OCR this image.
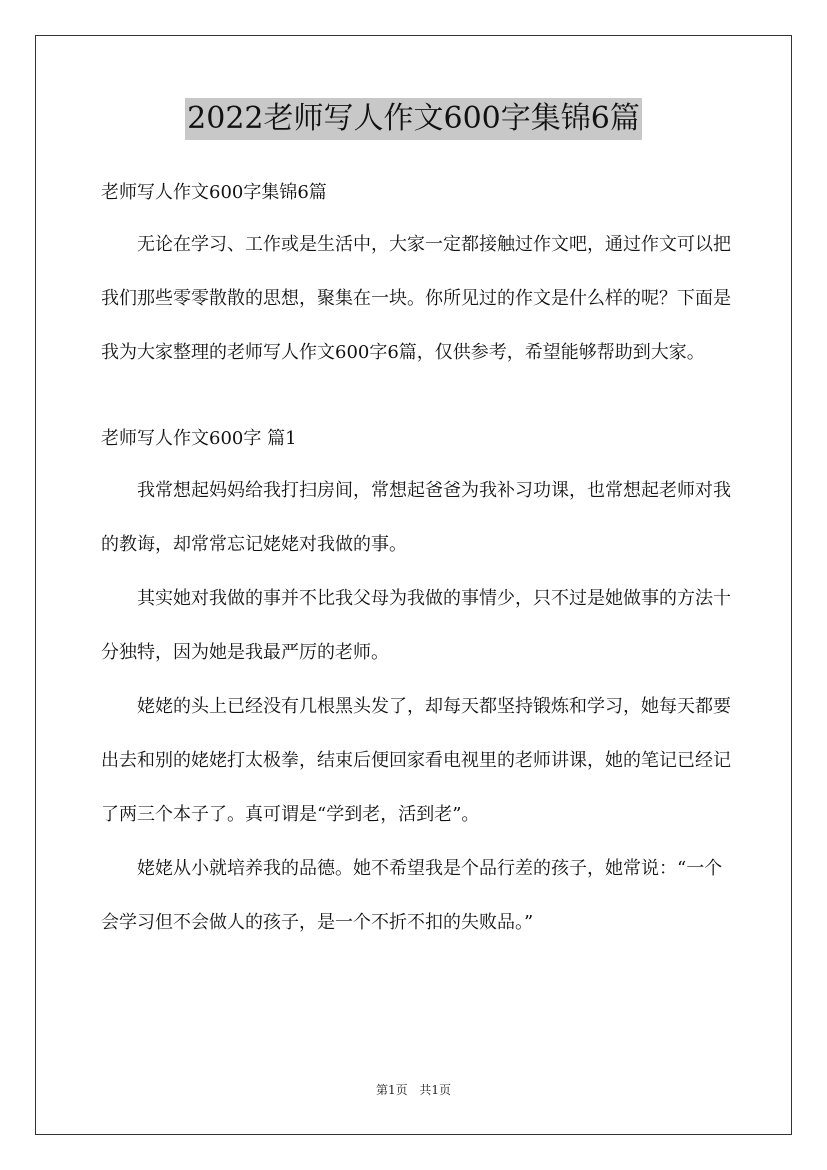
2022老师写人作文600字集锦6篇

老师写人作文600字集锦6篇

无论在学习、工作或是生活中，大家一定都接触过作文吧，通过作文可以把我们那些零零散散的思想，聚集在一块。你所见过的作文是什么样的呢？下面是我为大家整理的老师写人作文600字6篇，仅供参考，希望能够帮助到大家。

老师写人作文600字 篇1

我常想起妈妈给我打扫房间，常想起爸爸为我补习功课，也常想起老师对我的教诲，却常常忘记姥姥对我做的事。

其实她对我做的事并不比我父母为我做的事情少，只不过是她做事的方法十分独特，因为她是我最严厉的老师。

姥姥的头上已经没有几根黑头发了，却每天都坚持锻炼和学习，她每天都要出去和别的姥姥打太极拳，结束后便回家看电视里的老师讲课，她的笔记已经记了两三个本子了。真可谓是“学到老，活到老”。

姥姥从小就培养我的品德。她不希望我是个品行差的孩子，她常说：“一个会学习但不会做人的孩子，是一个不折不扣的失败品。”

第1页 共1页
